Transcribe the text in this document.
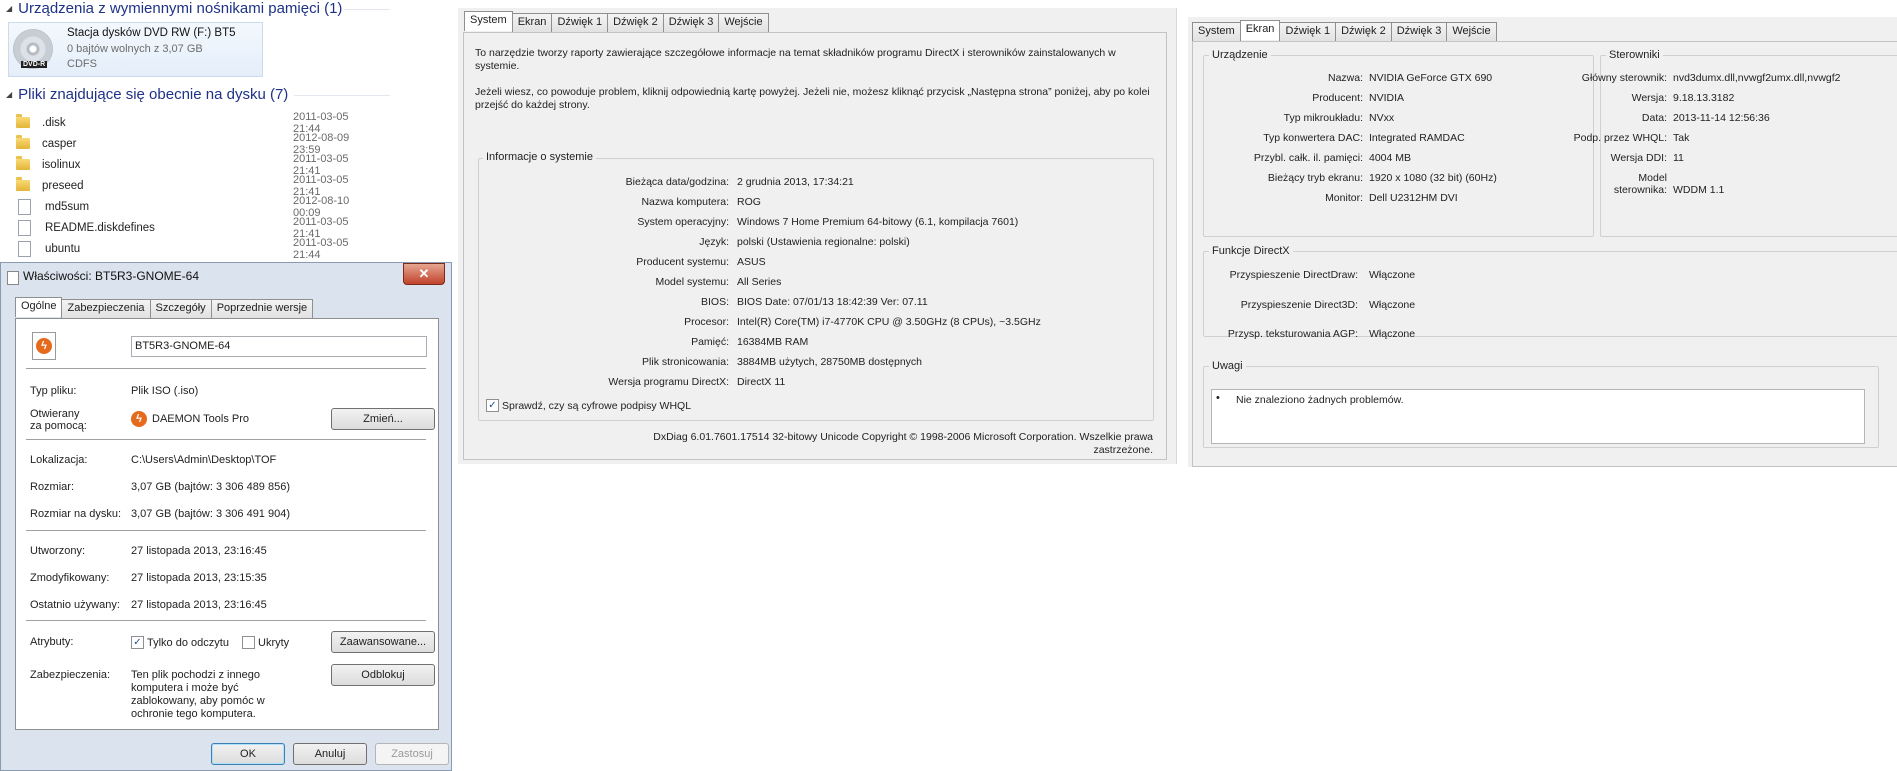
◢ Urządzenia z wymiennymi nośnikami pamięci (1)
DVD-R
Stacja dysków DVD RW (F:) BT5
0 bajtów wolnych z 3,07 GB
CDFS
◢ Pliki znajdujące się obecnie na dysku (7)
.disk	2011-03-05 21:44
casper	2012-08-09 23:59
isolinux	2011-03-05 21:41
preseed	2011-03-05 21:41
md5sum	2012-08-10 00:09
README.diskdefines	2011-03-05 21:41
ubuntu	2011-03-05 21:44
Właściwości: BT5R3-GNOME-64	✕
Ogólne	Zabezpieczenia	Szczegóły	Poprzednie wersje
ϟ	BT5R3-GNOME-64
Typ pliku:	Plik ISO (.iso)
Otwierany
za pomocą:
ϟ DAEMON Tools Pro	Zmień...
Lokalizacja:	C:\Users\Admin\Desktop\TOF
Rozmiar:	3,07 GB (bajtów: 3 306 489 856)
Rozmiar na dysku: 3,07 GB (bajtów: 3 306 491 904)
Utworzony:	27 listopada 2013, 23:16:45
Zmodyfikowany: 27 listopada 2013, 23:15:35
Ostatnio używany: 27 listopada 2013, 23:16:45
Atrybuty:	✓ Tylko do odczytu	Ukryty	Zaawansowane...
Zabezpieczenia: Ten plik pochodzi z innego
komputera i może być
zablokowany, aby pomóc w
ochronie tego komputera.
Odblokuj
OK	Anuluj	Zastosuj
System	Ekran	Dźwięk 1	Dźwięk 2	Dźwięk 3	Wejście
To narzędzie tworzy raporty zawierające szczegółowe informacje na temat składników programu DirectX i sterowników zainstalowanych w systemie.
Jeżeli wiesz, co powoduje problem, kliknij odpowiednią kartę powyżej. Jeżeli nie, możesz kliknąć przycisk „Następna strona” poniżej, aby po kolei przejść do każdej strony.
Informacje o systemie
Bieżąca data/godzina: 2 grudnia 2013, 17:34:21
Nazwa komputera: ROG
System operacyjny: Windows 7 Home Premium 64-bitowy (6.1, kompilacja 7601)
Język: polski (Ustawienia regionalne: polski)
Producent systemu: ASUS
Model systemu: All Series
BIOS: BIOS Date: 07/01/13 18:42:39 Ver: 07.11
Procesor: Intel(R) Core(TM) i7-4770K CPU @ 3.50GHz (8 CPUs), ~3.5GHz
Pamięć: 16384MB RAM
Plik stronicowania: 3884MB użytych, 28750MB dostępnych
Wersja programu DirectX: DirectX 11
✓ Sprawdź, czy są cyfrowe podpisy WHQL
DxDiag 6.01.7601.17514 32-bitowy Unicode Copyright © 1998-2006 Microsoft Corporation. Wszelkie prawa
zastrzeżone.
System	Ekran	Dźwięk 1	Dźwięk 2	Dźwięk 3	Wejście
Urządzenie
Nazwa: NVIDIA GeForce GTX 690
Producent: NVIDIA
Typ mikroukładu: NVxx
Typ konwertera DAC: Integrated RAMDAC
Przybl. całk. il. pamięci: 4004 MB
Bieżący tryb ekranu: 1920 x 1080 (32 bit) (60Hz)
Monitor: Dell U2312HM DVI
Sterowniki
Główny sterownik: nvd3dumx.dll,nvwgf2umx.dll,nvwgf2
Wersja: 9.18.13.3182
Data: 2013-11-14 12:56:36
Podp. przez WHQL: Tak
Wersja DDI: 11
Model
sterownika: WDDM 1.1
Funkcje DirectX
Przyspieszenie DirectDraw: Włączone
Przyspieszenie Direct3D: Włączone
Przysp. teksturowania AGP: Włączone
Uwagi
• Nie znaleziono żadnych problemów.
